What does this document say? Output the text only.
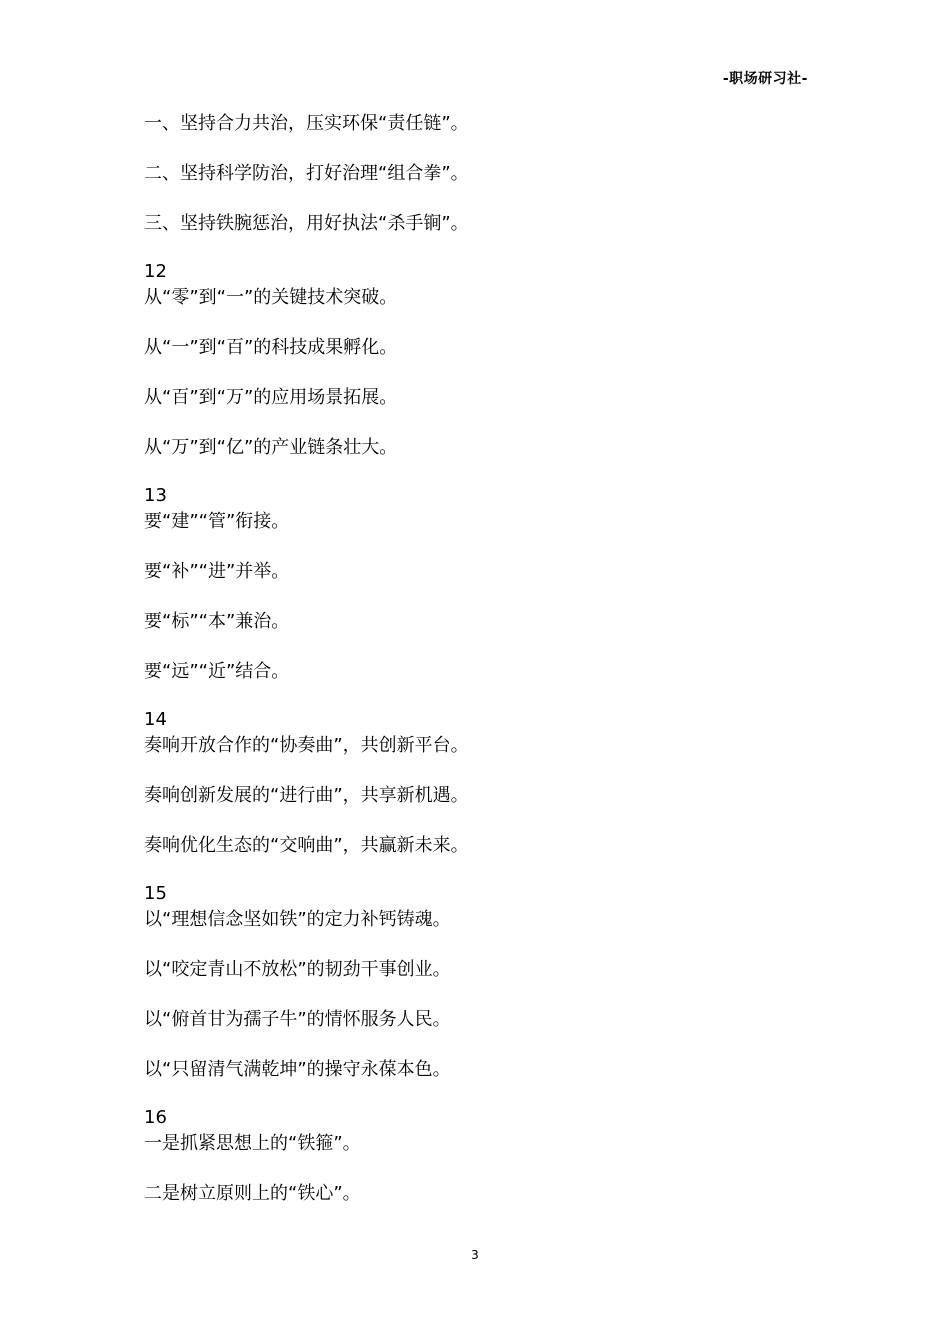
-职场研习社-
一、坚持合力共治，压实环保“责任链”。
二、坚持科学防治，打好治理“组合拳”。
三、坚持铁腕惩治，用好执法“杀手锏”。
12
从“零”到“一”的关键技术突破。
从“一”到“百”的科技成果孵化。
从“百”到“万”的应用场景拓展。
从“万”到“亿”的产业链条壮大。
13
要“建”“管”衔接。
要“补”“进”并举。
要“标”“本”兼治。
要“远”“近”结合。
14
奏响开放合作的“协奏曲”，共创新平台。
奏响创新发展的“进行曲”，共享新机遇。
奏响优化生态的“交响曲”，共赢新未来。
15
以“理想信念坚如铁”的定力补钙铸魂。
以“咬定青山不放松”的韧劲干事创业。
以“俯首甘为孺子牛”的情怀服务人民。
以“只留清气满乾坤”的操守永葆本色。
16
一是抓紧思想上的“铁箍”。
二是树立原则上的“铁心”。
3
